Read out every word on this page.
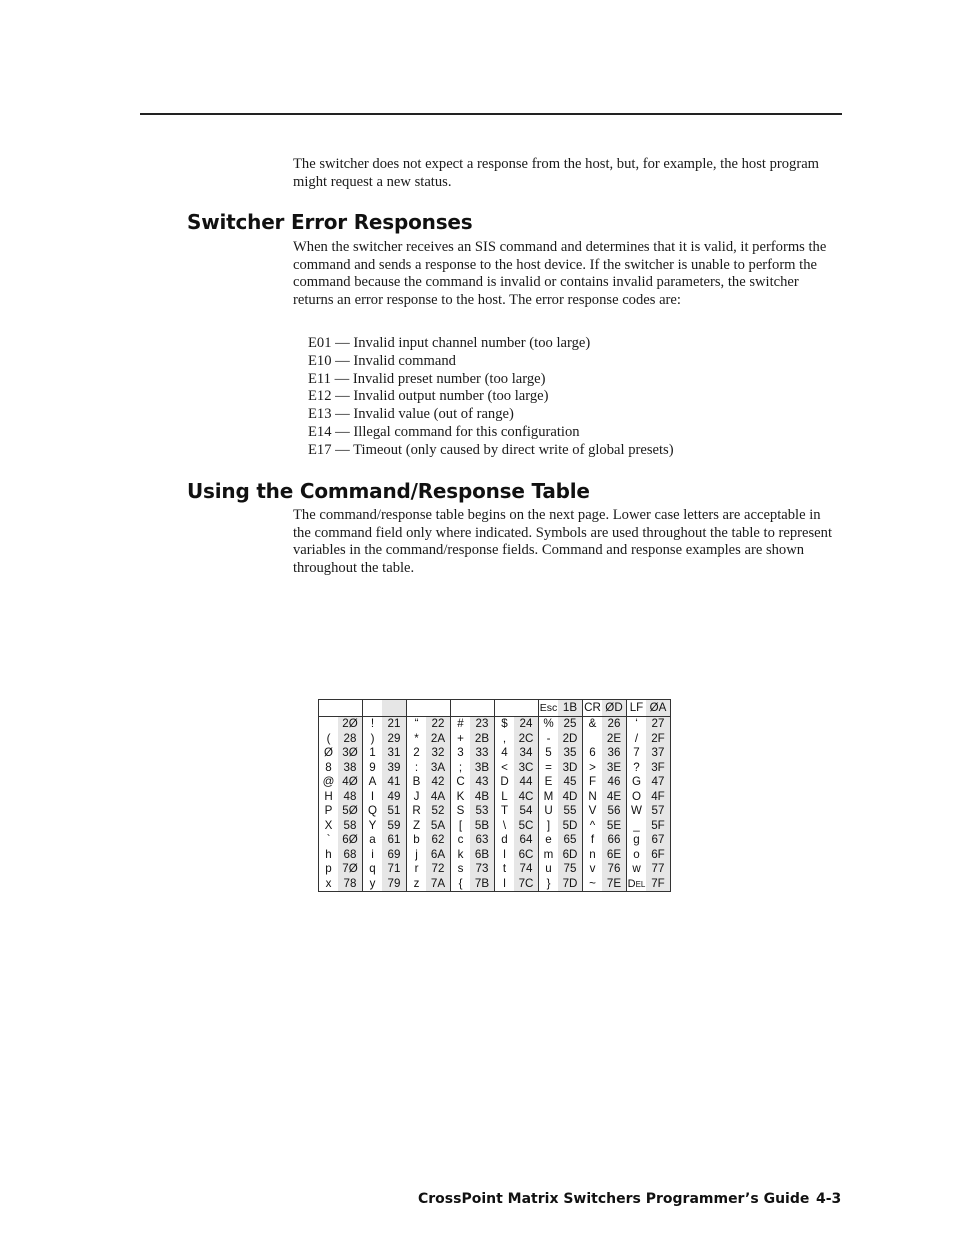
The switcher does not expect a response from the host, but, for example, the host program might request a new status.

Switcher Error Responses

When the switcher receives an SIS command and determines that it is valid, it performs the command and sends a response to the host device. If the switcher is unable to perform the command because the command is invalid or contains invalid parameters, the switcher returns an error response to the host. The error response codes are:

E01 — Invalid input channel number (too large)
E10 — Invalid command
E11 — Invalid preset number (too large)
E12 — Invalid output number (too large)
E13 — Invalid value (out of range)
E14 — Illegal command for this configuration
E17 — Timeout (only caused by direct write of global presets)
Using the Command/Response Table

The command/response table begins on the next page. Lower case letters are acceptable in the command field only where indicated. Symbols are used throughout the table to represent variables in the command/response fields. Command and response examples are shown throughout the table.

										Esc	1B	CR	ØD	LF	ØA
	2Ø	!	21	“	22	#	23	$	24	%	25	&	26	‘	27
(	28	)	29	*	2A	+	2B	,	2C	-	2D		2E	/	2F
Ø	3Ø	1	31	2	32	3	33	4	34	5	35	6	36	7	37
8	38	9	39	:	3A	;	3B	<	3C	=	3D	>	3E	?	3F
@	4Ø	A	41	B	42	C	43	D	44	E	45	F	46	G	47
H	48	I	49	J	4A	K	4B	L	4C	M	4D	N	4E	O	4F
P	5Ø	Q	51	R	52	S	53	T	54	U	55	V	56	W	57
X	58	Y	59	Z	5A	[	5B	\	5C	]	5D	^	5E	_	5F
`	6Ø	a	61	b	62	c	63	d	64	e	65	f	66	g	67
h	68	i	69	j	6A	k	6B	l	6C	m	6D	n	6E	o	6F
p	7Ø	q	71	r	72	s	73	t	74	u	75	v	76	w	77
x	78	y	79	z	7A	{	7B	l	7C	}	7D	~	7E	Del	7F
CrossPoint Matrix Switchers Programmer’s Guide 4-3
